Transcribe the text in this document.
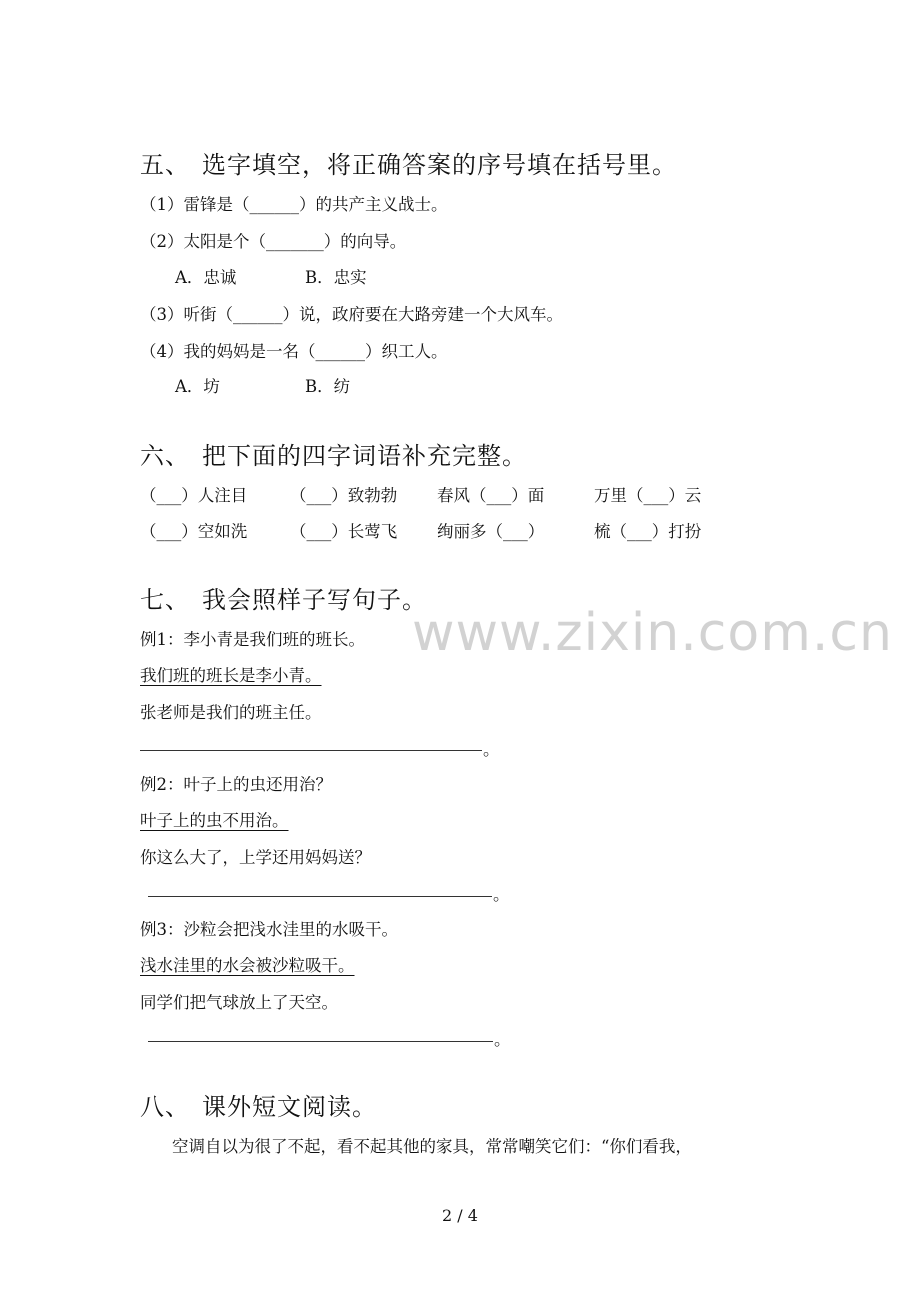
五、 选字填空，将正确答案的序号填在括号里。
（1）雷锋是（______）的共产主义战士。
（2）太阳是个（_______）的向导。
A．忠诚	B．忠实
（3）听街（______）说，政府要在大路旁建一个大风车。
（4）我的妈妈是一名（______）织工人。
A．坊	B．纺
六、 把下面的四字词语补充完整。
（___）人注目	（___）致勃勃 春风（___）面	万里（___）云
（___）空如洗	（___）长莺飞 绚丽多（___）	梳（___）打扮
七、 我会照样子写句子。
例1：李小青是我们班的班长。
我们班的班长是李小青。
张老师是我们的班主任。
。
例2：叶子上的虫还用治？
叶子上的虫不用治。
你这么大了，上学还用妈妈送？
。
例3：沙粒会把浅水洼里的水吸干。
浅水洼里的水会被沙粒吸干。
同学们把气球放上了天空。
。
八、 课外短文阅读。
空调自以为很了不起，看不起其他的家具，常常嘲笑它们：“你们看我，
www.zixin.com.cn
2 / 4
